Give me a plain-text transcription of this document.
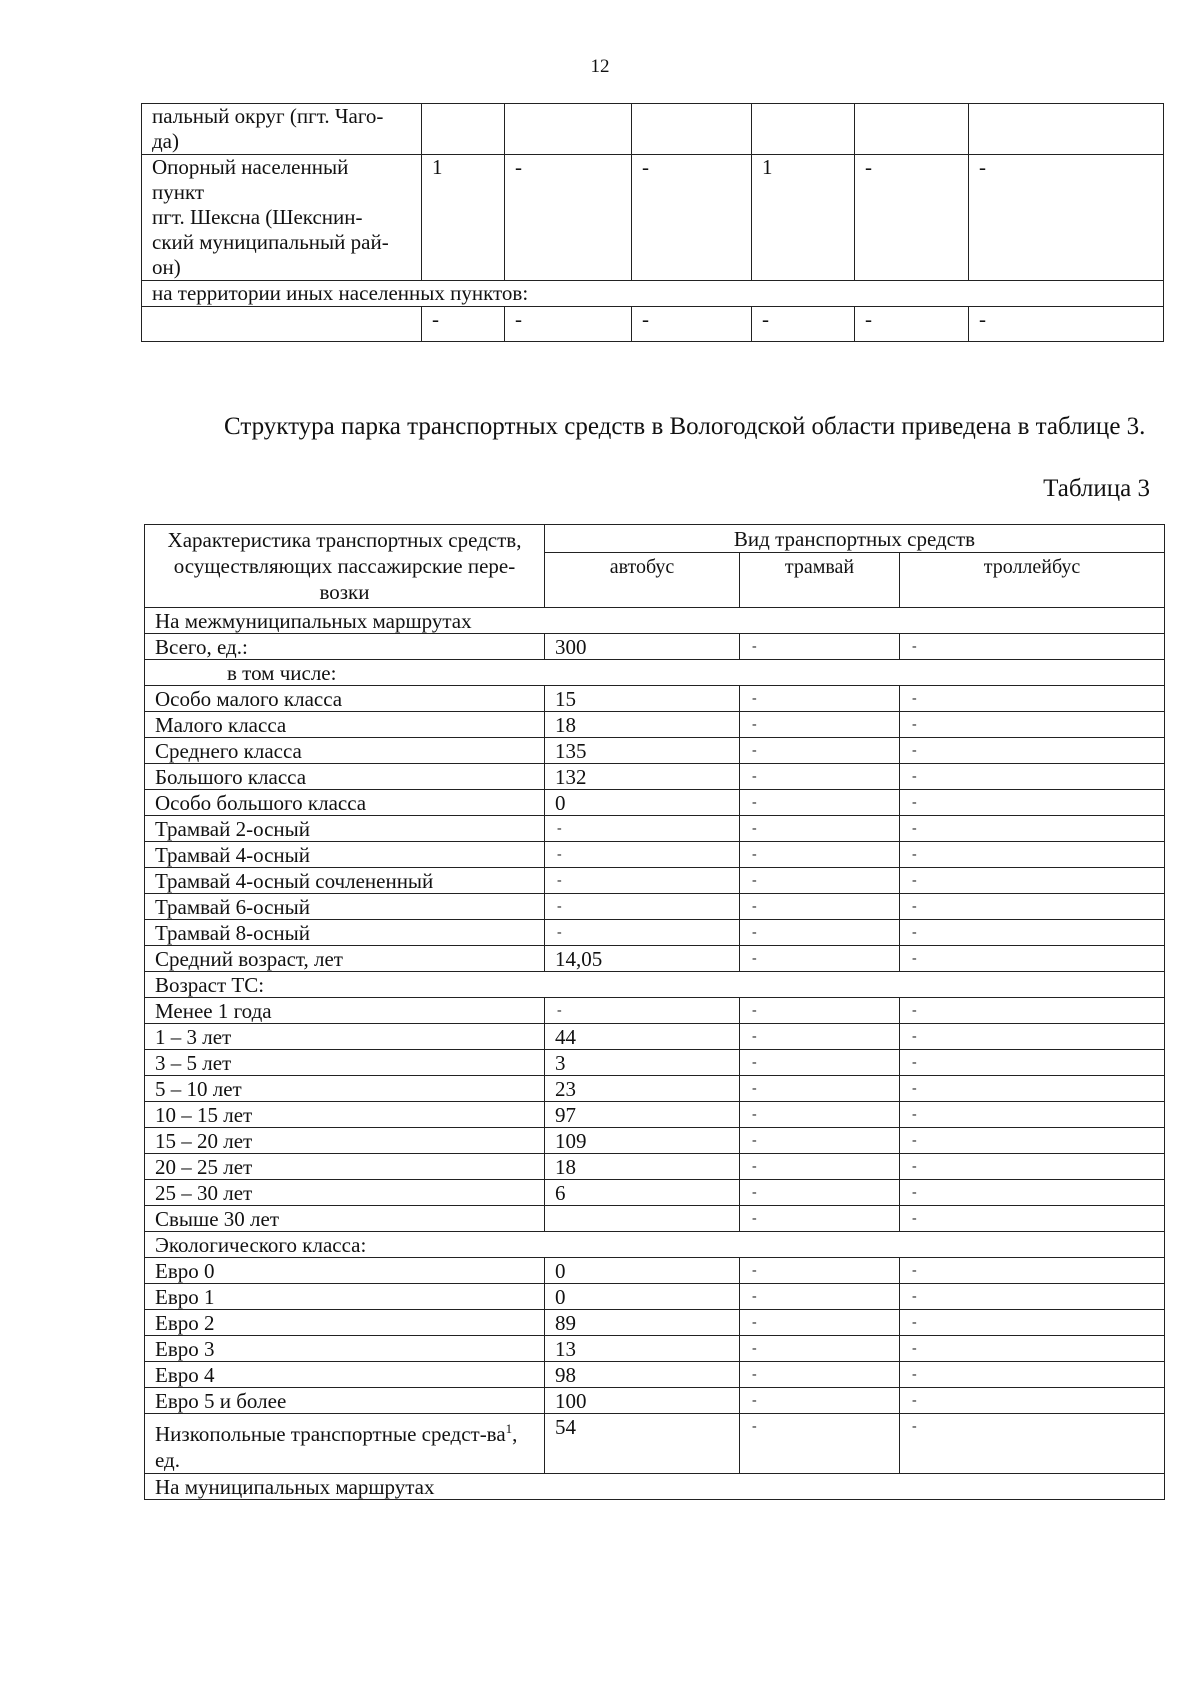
12
пальный округ (пгт. Чаго-
да)						
Опорный населенный
пункт
пгт. Шексна (Шекснин-
ский муниципальный рай-
он)	1	-	-	1	-	-
на территории иных населенных пунктов:						
	-	-	-	-	-	-

Структура парка транспортных средств в Вологодской области приведена в таблице 3.

Таблица 3

Характеристика транспортных средств, осуществляющих пассажирские пере-возки	Вид транспортных средств		
	автобус	трамвай	троллейбус
На межмуниципальных маршрутах			
Всего, ед.:	300	-	-
в том числе:			
Особо малого класса	15	-	-
Малого класса	18	-	-
Среднего класса	135	-	-
Большого класса	132	-	-
Особо большого класса	0	-	-
Трамвай 2-осный	-	-	-
Трамвай 4-осный	-	-	-
Трамвай 4-осный сочлененный	-	-	-
Трамвай 6-осный	-	-	-
Трамвай 8-осный	-	-	-
Средний возраст, лет	14,05	-	-
Возраст ТС:			
Менее 1 года	-	-	-
1 – 3 лет	44	-	-
3 – 5 лет	3	-	-
5 – 10 лет	23	-	-
10 – 15 лет	97	-	-
15 – 20 лет	109	-	-
20 – 25 лет	18	-	-
25 – 30 лет	6	-	-
Свыше 30 лет		-	-
Экологического класса:			
Евро 0	0	-	-
Евро 1	0	-	-
Евро 2	89	-	-
Евро 3	13	-	-
Евро 4	98	-	-
Евро 5 и более	100	-	-
Низкопольные транспортные средст-$ва^1$, ед.	54	-	-
На муниципальных маршрутах			
